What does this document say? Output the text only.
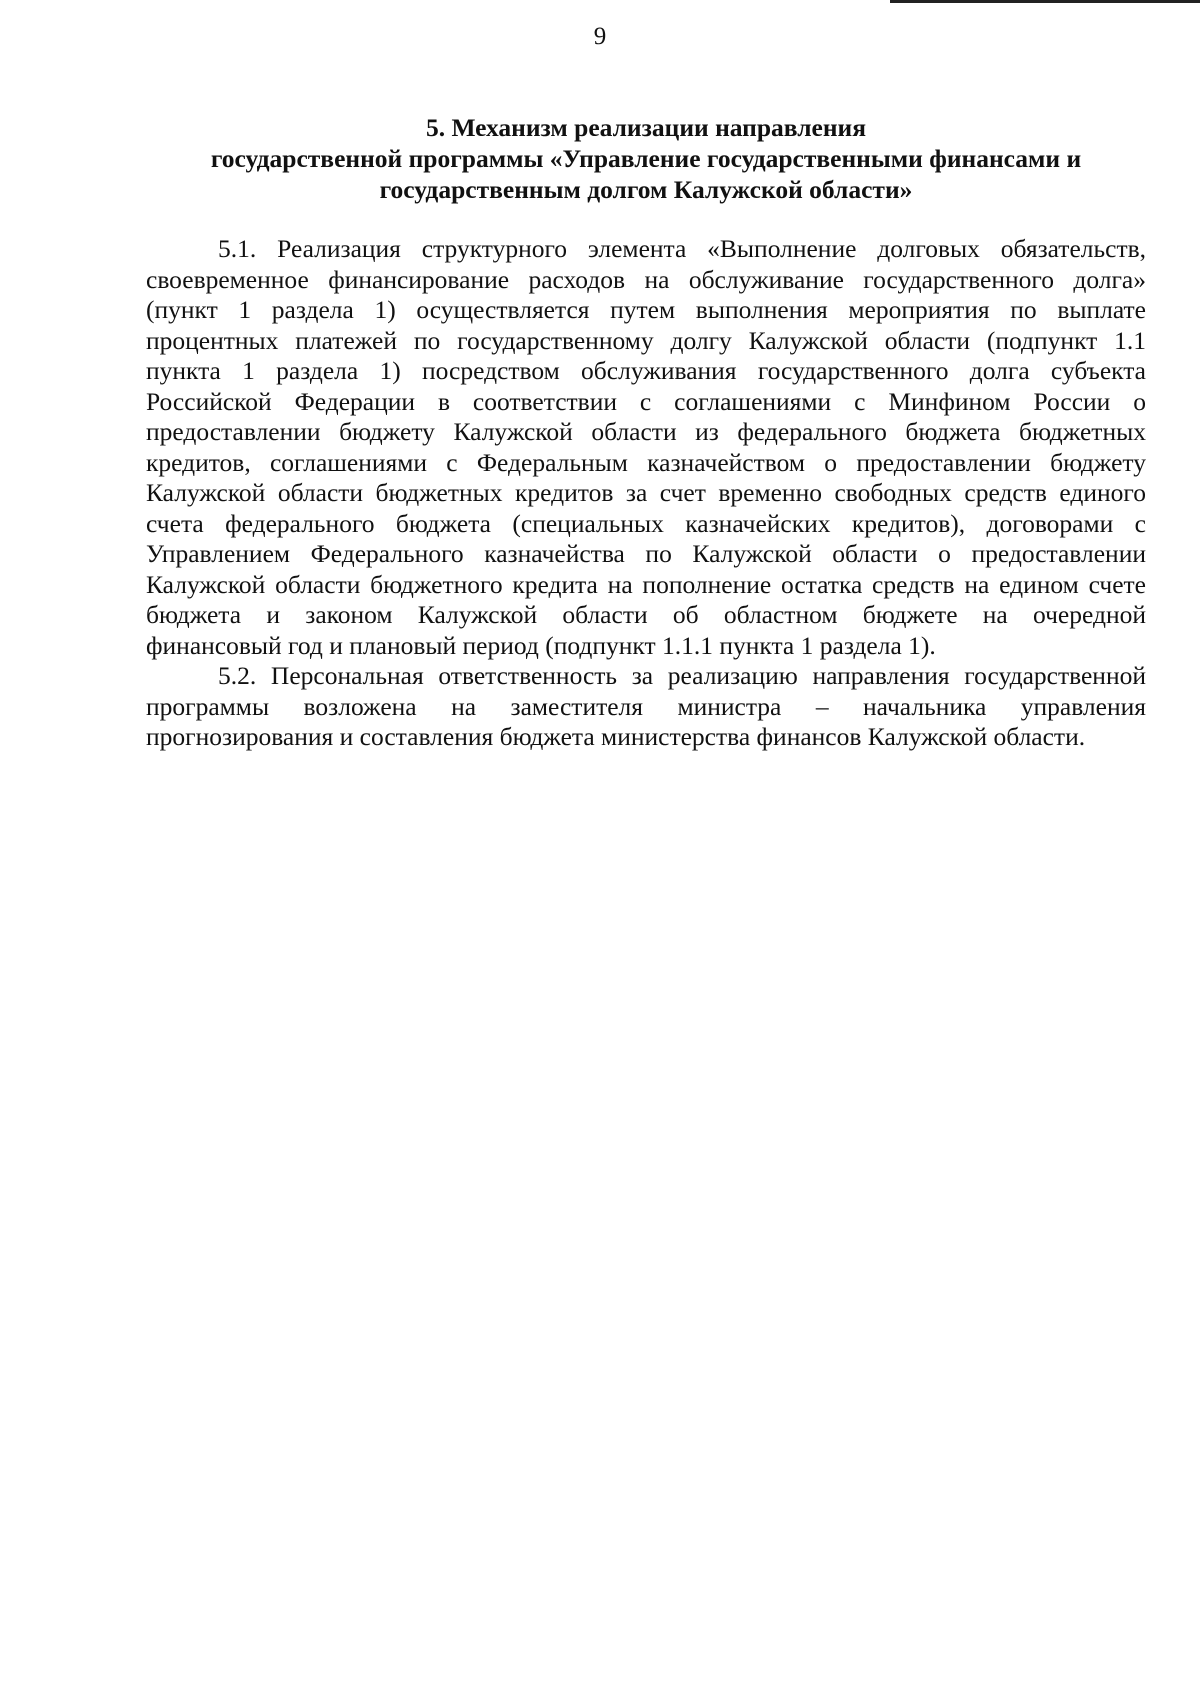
9
5. Механизм реализации направления
государственной программы «Управление государственными финансами и
государственным долгом Калужской области»
5.1. Реализация структурного элемента «Выполнение долговых обязательств,
своевременное финансирование расходов на обслуживание государственного долга»
(пункт 1 раздела 1) осуществляется путем выполнения мероприятия по выплате
процентных платежей по государственному долгу Калужской области (подпункт 1.1
пункта 1 раздела 1) посредством обслуживания государственного долга субъекта
Российской Федерации в соответствии с соглашениями с Минфином России о
предоставлении бюджету Калужской области из федерального бюджета бюджетных
кредитов, соглашениями с Федеральным казначейством о предоставлении бюджету
Калужской области бюджетных кредитов за счет временно свободных средств единого
счета федерального бюджета (специальных казначейских кредитов), договорами с
Управлением Федерального казначейства по Калужской области о предоставлении
Калужской области бюджетного кредита на пополнение остатка средств на едином счете
бюджета и законом Калужской области об областном бюджете на очередной
финансовый год и плановый период (подпункт 1.1.1 пункта 1 раздела 1).
5.2. Персональная ответственность за реализацию направления государственной
программы возложена на заместителя министра – начальника управления
прогнозирования и составления бюджета министерства финансов Калужской области.
